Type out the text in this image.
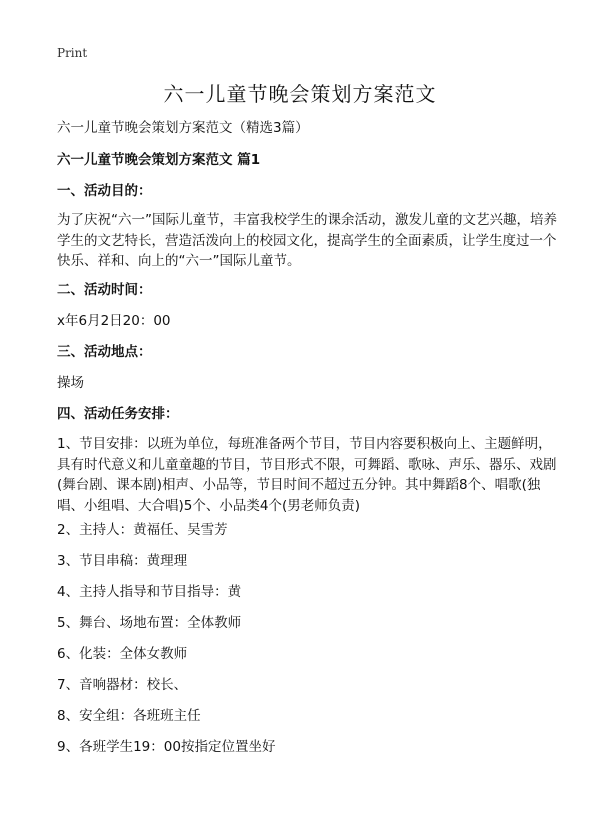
Print
六一儿童节晚会策划方案范文
六一儿童节晚会策划方案范文（精选3篇）
六一儿童节晚会策划方案范文 篇1
一、活动目的：
为了庆祝“六一”国际儿童节，丰富我校学生的课余活动，激发儿童的文艺兴趣，培养学生的文艺特长，营造活泼向上的校园文化，提高学生的全面素质，让学生度过一个快乐、祥和、向上的“六一”国际儿童节。
二、活动时间：
x年6月2日20：00
三、活动地点：
操场
四、活动任务安排：
1、节目安排：以班为单位，每班准备两个节目，节目内容要积极向上、主题鲜明，具有时代意义和儿童童趣的节目，节目形式不限，可舞蹈、歌咏、声乐、器乐、戏剧(舞台剧、课本剧)相声、小品等，节目时间不超过五分钟。其中舞蹈8个、唱歌(独唱、小组唱、大合唱)5个、小品类4个(男老师负责)
2、主持人：黄福任、吴雪芳
3、节目串稿：黄理理
4、主持人指导和节目指导：黄
5、舞台、场地布置：全体教师
6、化装：全体女教师
7、音响器材：校长、
8、安全组：各班班主任
9、各班学生19：00按指定位置坐好
